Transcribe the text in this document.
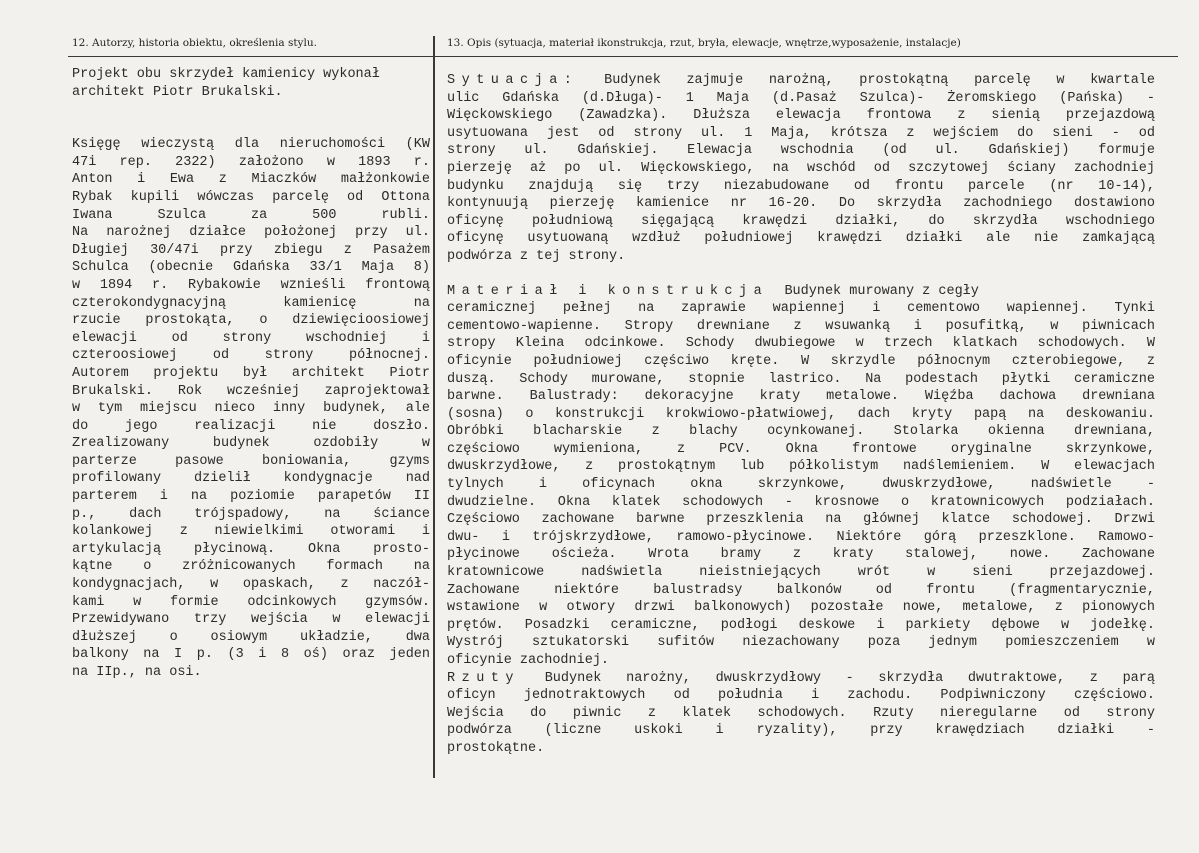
12. Autorzy, historia obiektu, określenia stylu.	13. Opis (sytuacja, materiał ikonstrukcja, rzut, bryła, elewacje, wnętrze,wyposażenie, instalacje)
Projekt obu skrzydeł kamienicy wykonał
architekt Piotr Brukalski.
Księgę wieczystą dla nieruchomości (KW
47i rep. 2322) założono w 1893 r.
Anton i Ewa z Miaczków małżonkowie
Rybak kupili wówczas parcelę od Ottona
Iwana Szulca za 500 rubli.
Na narożnej działce położonej przy ul.
Długiej 30/47i przy zbiegu z Pasażem
Schulca (obecnie Gdańska 33/1 Maja 8)
w 1894 r. Rybakowie wznieśli frontową
czterokondygnacyjną kamienicę na
rzucie prostokąta, o dziewięcioosiowej
elewacji od strony wschodniej i
czteroosiowej od strony północnej.
Autorem projektu był architekt Piotr
Brukalski. Rok wcześniej zaprojektował
w tym miejscu nieco inny budynek, ale
do jego realizacji nie doszło.
Zrealizowany budynek ozdobiły w
parterze pasowe boniowania, gzyms
profilowany dzielił kondygnacje nad
parterem i na poziomie parapetów II
p., dach trójspadowy, na ściance
kolankowej z niewielkimi otworami i
artykulacją płycinową. Okna prosto-
kątne o zróżnicowanych formach na
kondygnacjach, w opaskach, z naczół-
kami w formie odcinkowych gzymsów.
Przewidywano trzy wejścia w elewacji
dłuższej o osiowym układzie, dwa
balkony na I p. (3 i 8 oś) oraz jeden
na IIp., na osi.
Sytuacja: Budynek zajmuje narożną, prostokątną parcelę w kwartale
ulic Gdańska (d.Długa)- 1 Maja (d.Pasaż Szulca)- Żeromskiego (Pańska) -
Więckowskiego (Zawadzka). Dłuższa elewacja frontowa z sienią przejazdową
usytuowana jest od strony ul. 1 Maja, krótsza z wejściem do sieni - od
strony ul. Gdańskiej. Elewacja wschodnia (od ul. Gdańskiej) formuje
pierzeję aż po ul. Więckowskiego, na wschód od szczytowej ściany zachodniej
budynku znajdują się trzy niezabudowane od frontu parcele (nr 10-14),
kontynuują pierzeję kamienice nr 16-20. Do skrzydła zachodniego dostawiono
oficynę południową sięgającą krawędzi działki, do skrzydła wschodniego
oficynę usytuowaną wzdłuż południowej krawędzi działki ale nie zamkającą
podwórza z tej strony.
Materiał i konstrukcja Budynek murowany z cegły
ceramicznej pełnej na zaprawie wapiennej i cementowo wapiennej. Tynki
cementowo-wapienne. Stropy drewniane z wsuwanką i posufitką, w piwnicach
stropy Kleina odcinkowe. Schody dwubiegowe w trzech klatkach schodowych. W
oficynie południowej częściwo kręte. W skrzydle północnym czterobiegowe, z
duszą. Schody murowane, stopnie lastrico. Na podestach płytki ceramiczne
barwne. Balustrady: dekoracyjne kraty metalowe. Więźba dachowa drewniana
(sosna) o konstrukcji krokwiowo-płatwiowej, dach kryty papą na deskowaniu.
Obróbki blacharskie z blachy ocynkowanej. Stolarka okienna drewniana,
częściowo wymieniona, z PCV. Okna frontowe oryginalne skrzynkowe,
dwuskrzydłowe, z prostokątnym lub półkolistym nadślemieniem. W elewacjach
tylnych i oficynach okna skrzynkowe, dwuskrzydłowe, nadświetle -
dwudzielne. Okna klatek schodowych - krosnowe o kratownicowych podziałach.
Częściowo zachowane barwne przeszklenia na głównej klatce schodowej. Drzwi
dwu- i trójskrzydłowe, ramowo-płycinowe. Niektóre górą przeszklone. Ramowo-
płycinowe ościeża. Wrota bramy z kraty stalowej, nowe. Zachowane
kratownicowe nadświetla nieistniejących wrót w sieni przejazdowej.
Zachowane niektóre balustradsy balkonów od frontu (fragmentarycznie,
wstawione w otwory drzwi balkonowych) pozostałe nowe, metalowe, z pionowych
prętów. Posadzki ceramiczne, podłogi deskowe i parkiety dębowe w jodełkę.
Wystrój sztukatorski sufitów niezachowany poza jednym pomieszczeniem w
oficynie zachodniej.
Rzuty Budynek narożny, dwuskrzydłowy - skrzydła dwutraktowe, z parą
oficyn jednotraktowych od południa i zachodu. Podpiwniczony częściowo.
Wejścia do piwnic z klatek schodowych. Rzuty nieregularne od strony
podwórza (liczne uskoki i ryzality), przy krawędziach działki -
prostokątne.
